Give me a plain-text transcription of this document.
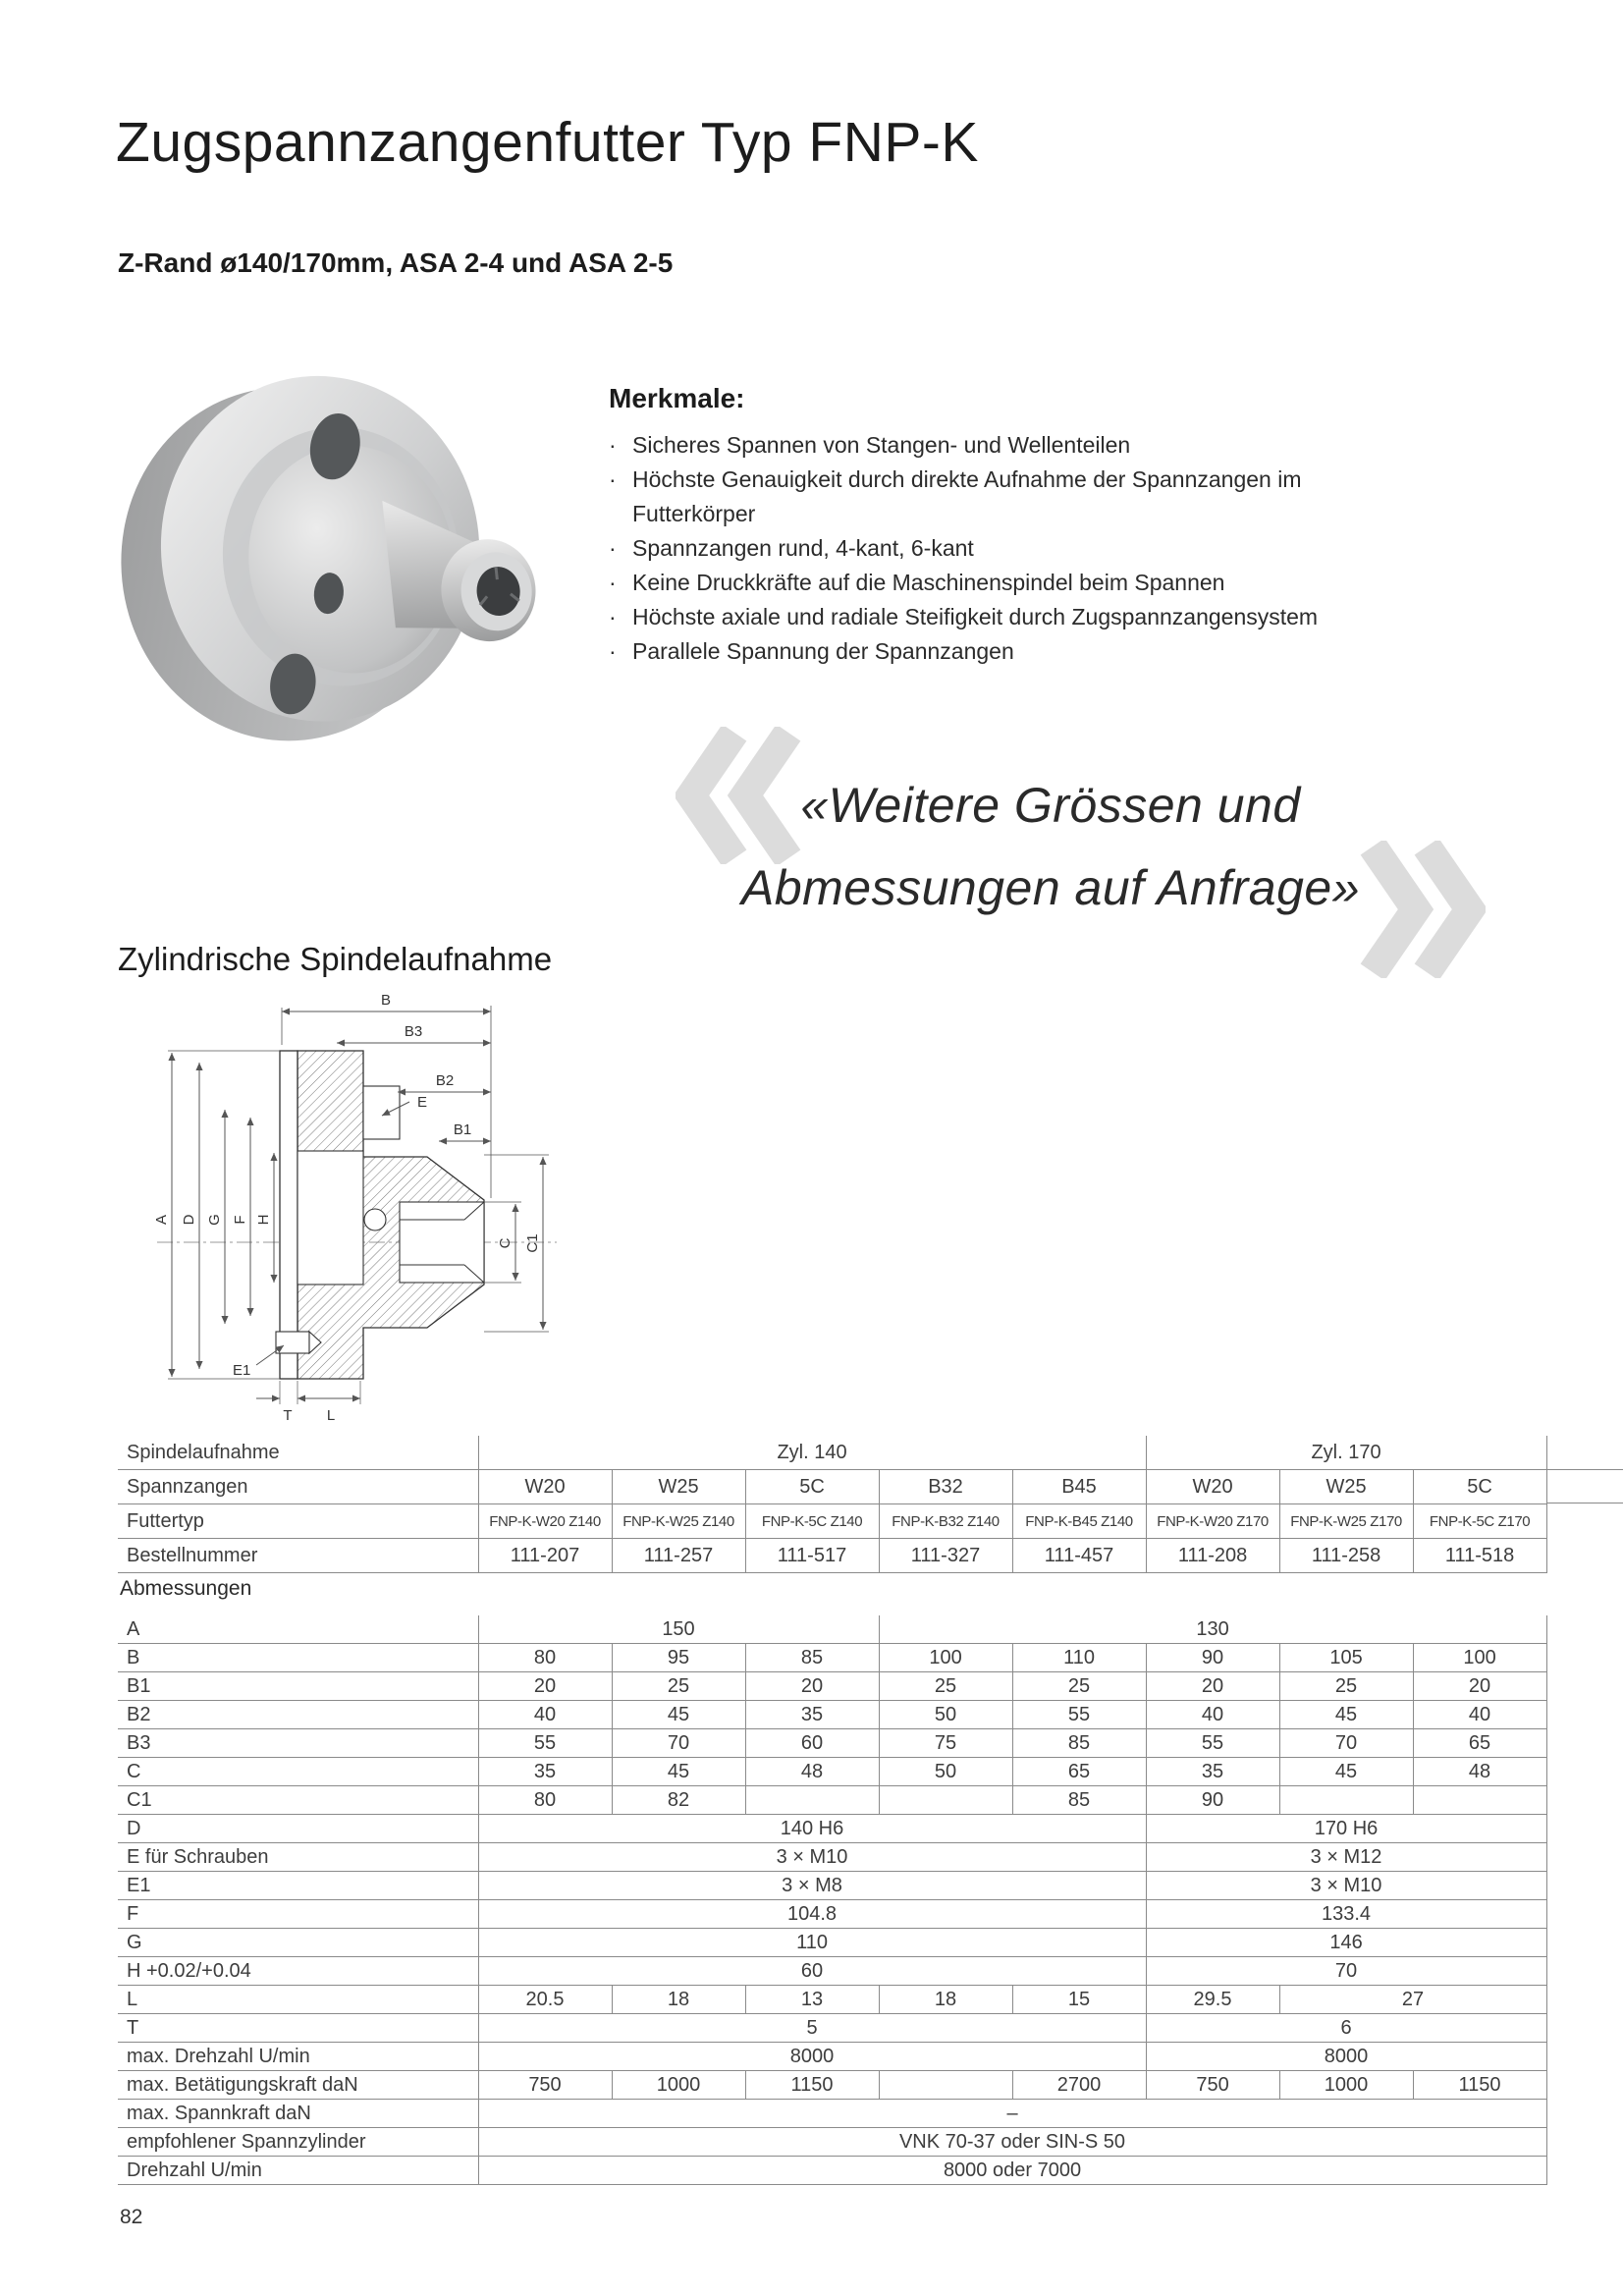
Zugspannzangenfutter Typ FNP-K
Z-Rand ø140/170mm, ASA 2-4 und ASA 2-5
Merkmale:
· Sicheres Spannen von Stangen- und Wellenteilen
· Höchste Genauigkeit durch direkte Aufnahme der Spannzangen im Futterkörper
· Spannzangen rund, 4-kant, 6-kant
· Keine Druckkräfte auf die Maschinenspindel beim Spannen
· Höchste axiale und radiale Steifigkeit durch Zugspannzangensystem
· Parallele Spannung der Spannzangen
«Weitere Grössen und
Abmessungen auf Anfrage»
Zylindrische Spindelaufnahme
B
B3
B2
B1
E
E1
A D G F H
C C1
T L
Spindelaufnahme	Zyl. 140					Zyl. 170		
Spannzangen	W20	W25	5C	B32	B45	W20	W25	5C
Futtertyp	FNP-K-W20 Z140	FNP-K-W25 Z140	FNP-K-5C Z140	FNP-K-B32 Z140	FNP-K-B45 Z140	FNP-K-W20 Z170	FNP-K-W25 Z170	FNP-K-5C Z170
Bestellnummer	111-207	111-257	111-517	111-327	111-457	111-208	111-258	111-518
Abmessungen
A	150			130				
B	80	95	85	100	110	90	105	100
B1	20	25	20	25	25	20	25	20
B2	40	45	35	50	55	40	45	40
B3	55	70	60	75	85	55	70	65
C	35	45	48	50	65	35	45	48
C1	80	82			85	90		
D	140 H6					170 H6		
E für Schrauben	3 × M10					3 × M12		
E1	3 × M8					3 × M10		
F	104.8					133.4		
G	110					146		
H +0.02/+0.04	60					70		
L	20.5	18	13	18	15	29.5	27	
T	5					6		
max. Drehzahl U/min	8000					8000		
max. Betätigungskraft daN	750	1000	1150		2700	750	1000	1150
max. Spannkraft daN	–							
empfohlener Spannzylinder	VNK 70-37 oder SIN-S 50							
Drehzahl U/min	8000 oder 7000							
82
